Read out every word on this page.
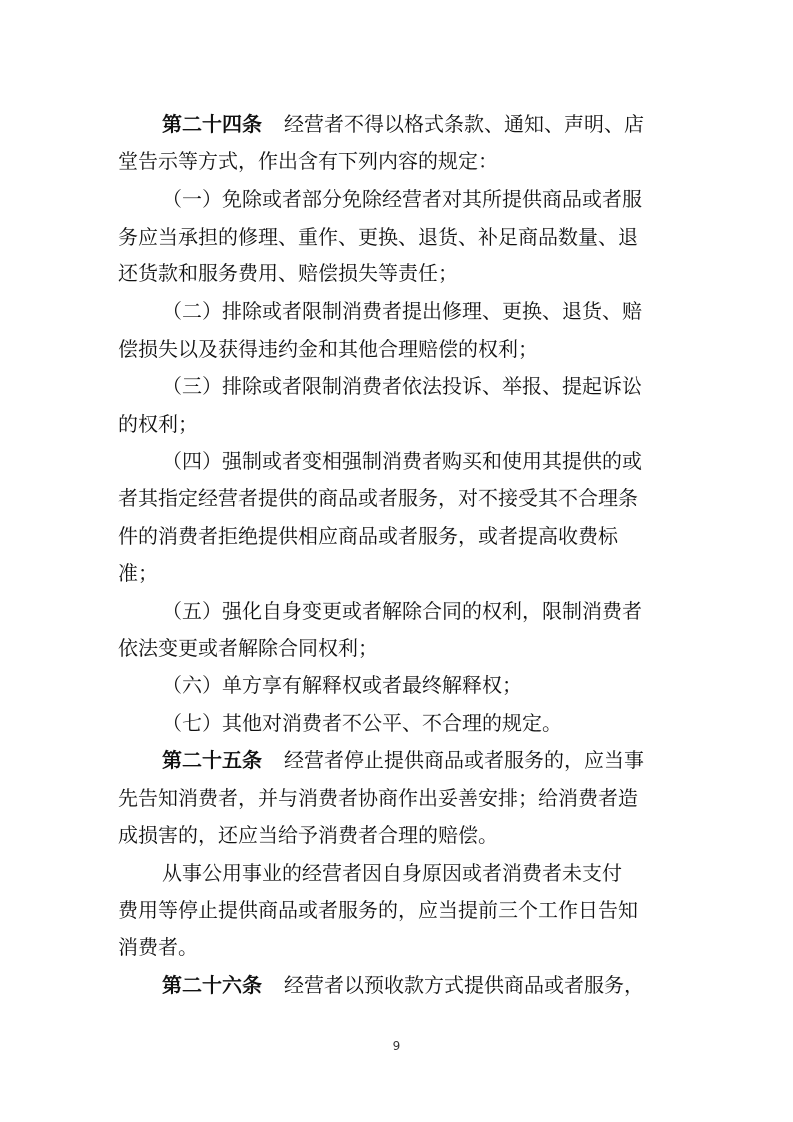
第二十四条 经营者不得以格式条款、通知、声明、店
堂告示等方式，作出含有下列内容的规定：
（一）免除或者部分免除经营者对其所提供商品或者服
务应当承担的修理、重作、更换、退货、补足商品数量、退
还货款和服务费用、赔偿损失等责任；
（二）排除或者限制消费者提出修理、更换、退货、赔
偿损失以及获得违约金和其他合理赔偿的权利；
（三）排除或者限制消费者依法投诉、举报、提起诉讼
的权利；
（四）强制或者变相强制消费者购买和使用其提供的或
者其指定经营者提供的商品或者服务，对不接受其不合理条
件的消费者拒绝提供相应商品或者服务，或者提高收费标
准；
（五）强化自身变更或者解除合同的权利，限制消费者
依法变更或者解除合同权利；
（六）单方享有解释权或者最终解释权；
（七）其他对消费者不公平、不合理的规定。
第二十五条 经营者停止提供商品或者服务的，应当事
先告知消费者，并与消费者协商作出妥善安排；给消费者造
成损害的，还应当给予消费者合理的赔偿。
从事公用事业的经营者因自身原因或者消费者未支付
费用等停止提供商品或者服务的，应当提前三个工作日告知
消费者。
第二十六条 经营者以预收款方式提供商品或者服务，
9
